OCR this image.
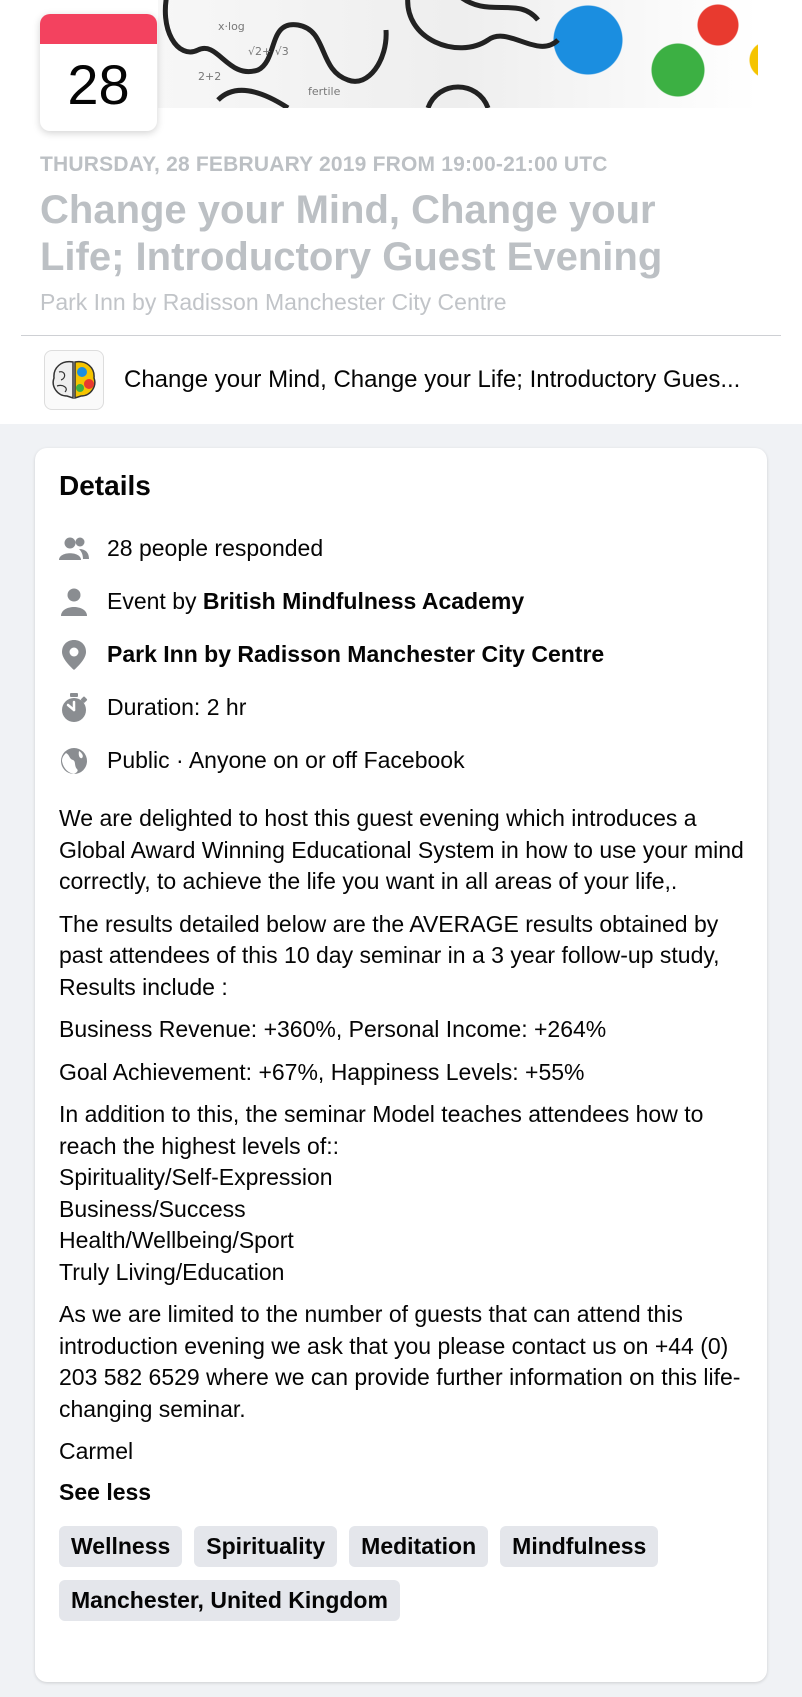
x·log
√2+ √3
2+2
fertile
28
THURSDAY, 28 FEBRUARY 2019 FROM 19:00-21:00 UTC
Change your Mind, Change your Life; Introductory Guest Evening
Park Inn by Radisson Manchester City Centre
Change your Mind, Change your Life; Introductory Gues...
Details
28 people responded
Event by British Mindfulness Academy
Park Inn by Radisson Manchester City Centre
Duration: 2 hr
Public · Anyone on or off Facebook

We are delighted to host this guest evening which introduces a Global Award Winning Educational System in how to use your mind correctly, to achieve the life you want in all areas of your life,.

The results detailed below are the AVERAGE results obtained by past attendees of this 10 day seminar in a 3 year follow-up study, Results include :

Business Revenue: +360%, Personal Income: +264%

Goal Achievement: +67%, Happiness Levels: +55%

In addition to this, the seminar Model teaches attendees how to reach the highest levels of::
Spirituality/Self-Expression
Business/Success
Health/Wellbeing/Sport
Truly Living/Education

As we are limited to the number of guests that can attend this introduction evening we ask that you please contact us on +44 (0) 203 582 6529 where we can provide further information on this life-changing seminar.

Carmel

See less
Wellness	Spirituality	Meditation	Mindfulness
Manchester, United Kingdom
